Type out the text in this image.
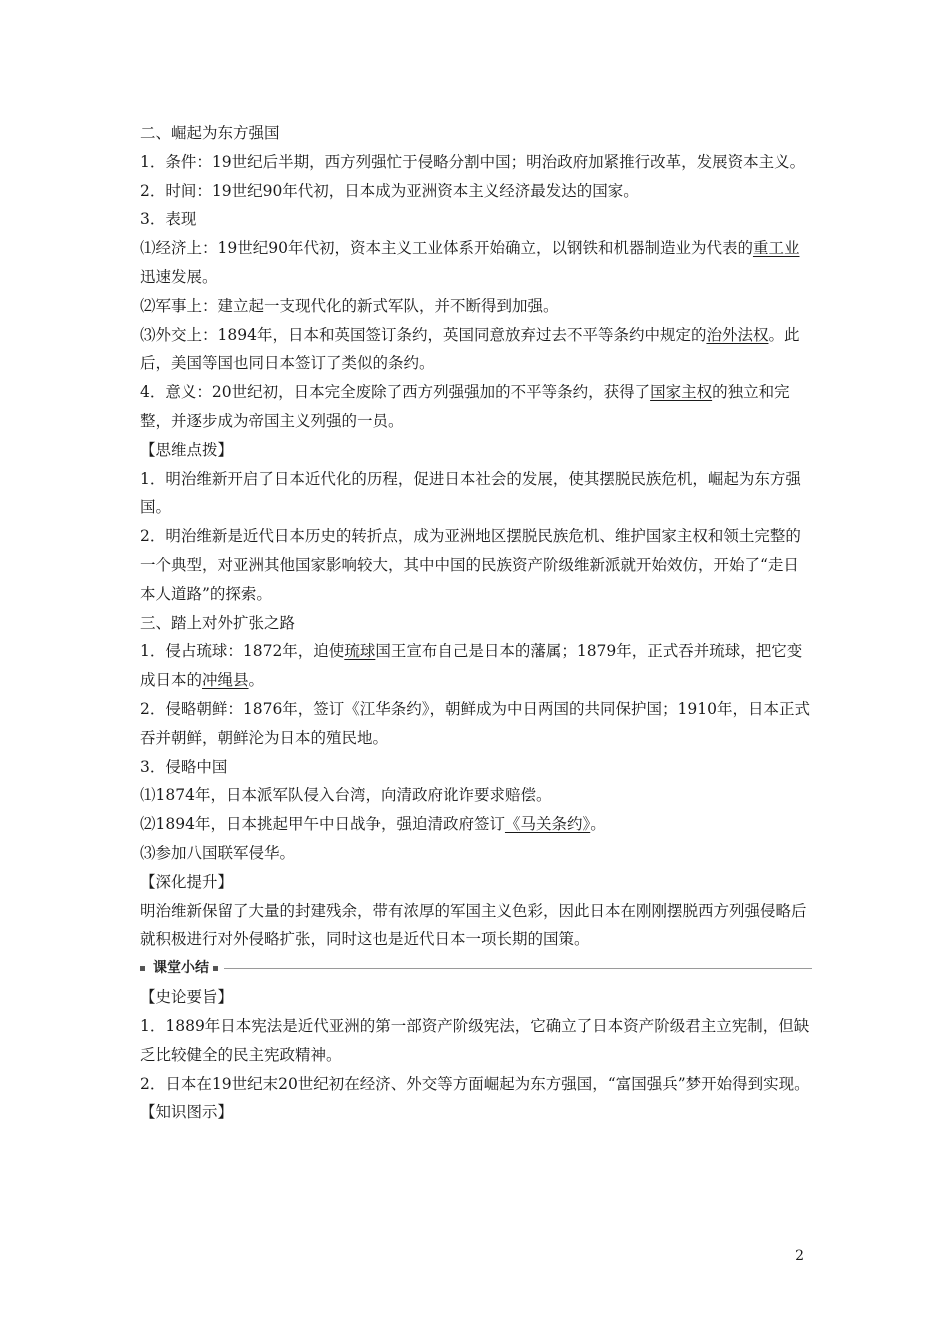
二、崛起为东方强国

1．条件：19世纪后半期，西方列强忙于侵略分割中国；明治政府加紧推行改革，发展资本主义。

2．时间：19世纪90年代初，日本成为亚洲资本主义经济最发达的国家。

3．表现

⑴经济上：19世纪90年代初，资本主义工业体系开始确立，以钢铁和机器制造业为代表的重工业迅速发展。

⑵军事上：建立起一支现代化的新式军队，并不断得到加强。

⑶外交上：1894年，日本和英国签订条约，英国同意放弃过去不平等条约中规定的治外法权。此后，美国等国也同日本签订了类似的条约。

4．意义：20世纪初，日本完全废除了西方列强强加的不平等条约，获得了国家主权的独立和完整，并逐步成为帝国主义列强的一员。

【思维点拨】

1．明治维新开启了日本近代化的历程，促进日本社会的发展，使其摆脱民族危机，崛起为东方强国。

2．明治维新是近代日本历史的转折点，成为亚洲地区摆脱民族危机、维护国家主权和领土完整的一个典型，对亚洲其他国家影响较大，其中中国的民族资产阶级维新派就开始效仿，开始了“走日本人道路”的探索。

三、踏上对外扩张之路

1．侵占琉球：1872年，迫使琉球国王宣布自己是日本的藩属；1879年，正式吞并琉球，把它变成日本的冲绳县。

2．侵略朝鲜：1876年，签订《江华条约》，朝鲜成为中日两国的共同保护国；1910年，日本正式吞并朝鲜，朝鲜沦为日本的殖民地。

3．侵略中国

⑴1874年，日本派军队侵入台湾，向清政府讹诈要求赔偿。

⑵1894年，日本挑起甲午中日战争，强迫清政府签订《马关条约》。

⑶参加八国联军侵华。

【深化提升】

明治维新保留了大量的封建残余，带有浓厚的军国主义色彩，因此日本在刚刚摆脱西方列强侵略后就积极进行对外侵略扩张，同时这也是近代日本一项长期的国策。

课堂小结

【史论要旨】

1．1889年日本宪法是近代亚洲的第一部资产阶级宪法，它确立了日本资产阶级君主立宪制，但缺乏比较健全的民主宪政精神。

2．日本在19世纪末20世纪初在经济、外交等方面崛起为东方强国，“富国强兵”梦开始得到实现。

【知识图示】

2
